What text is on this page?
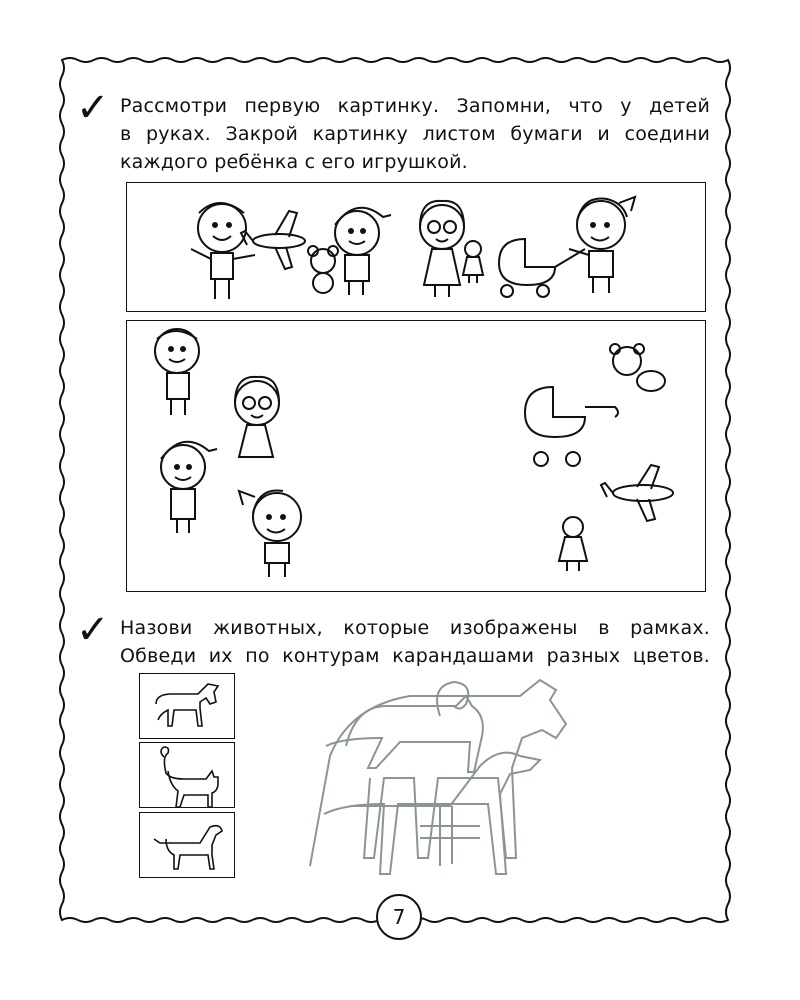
✓ Рассмотри первую картинку. Запомни, что у детей
в руках. Закрой картинку листом бумаги и соедини
каждого ребёнка с его игрушкой.
✓ Назови животных, которые изображены в рамках.
Обведи их по контурам карандашами разных цветов.
7
